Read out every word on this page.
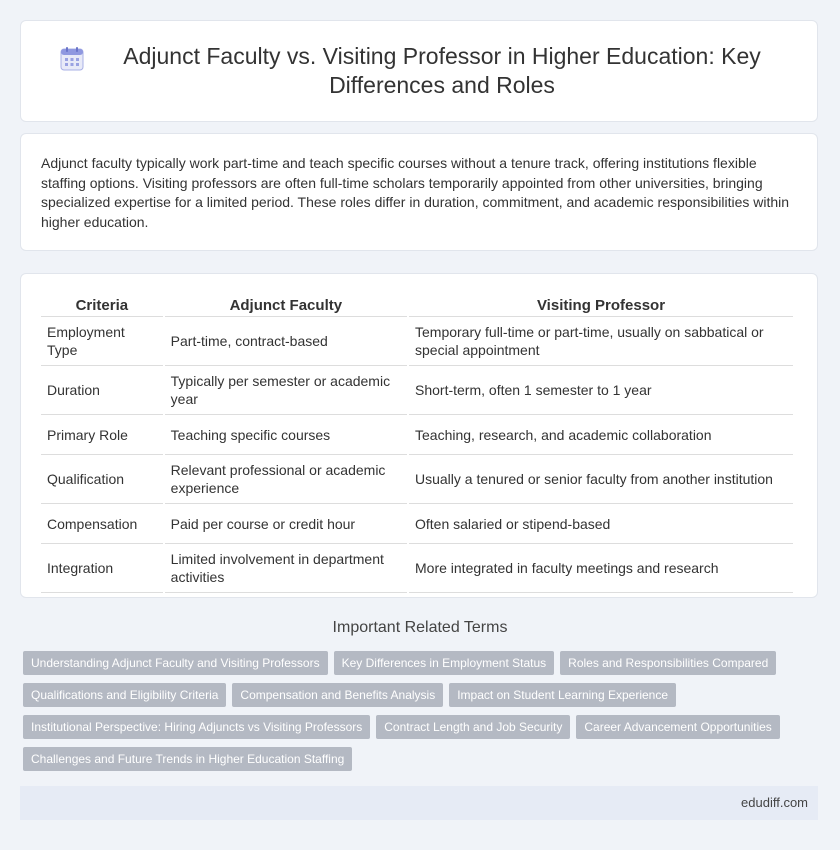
Adjunct Faculty vs. Visiting Professor in Higher Education: Key Differences and Roles

Adjunct faculty typically work part-time and teach specific courses without a tenure track, offering institutions flexible staffing options. Visiting professors are often full-time scholars temporarily appointed from other universities, bringing specialized expertise for a limited period. These roles differ in duration, commitment, and academic responsibilities within higher education.

Criteria	Adjunct Faculty	Visiting Professor
Employment Type	Part-time, contract-based	Temporary full-time or part-time, usually on sabbatical or special appointment
Duration	Typically per semester or academic year	Short-term, often 1 semester to 1 year
Primary Role	Teaching specific courses	Teaching, research, and academic collaboration
Qualification	Relevant professional or academic experience	Usually a tenured or senior faculty from another institution
Compensation	Paid per course or credit hour	Often salaried or stipend-based
Integration	Limited involvement in department activities	More integrated in faculty meetings and research
Important Related Terms
Understanding Adjunct Faculty and Visiting Professors	Key Differences in Employment Status	Roles and Responsibilities Compared
Qualifications and Eligibility Criteria	Compensation and Benefits Analysis	Impact on Student Learning Experience
Institutional Perspective: Hiring Adjuncts vs Visiting Professors	Contract Length and Job Security	Career Advancement Opportunities
Challenges and Future Trends in Higher Education Staffing
edudiff.com
